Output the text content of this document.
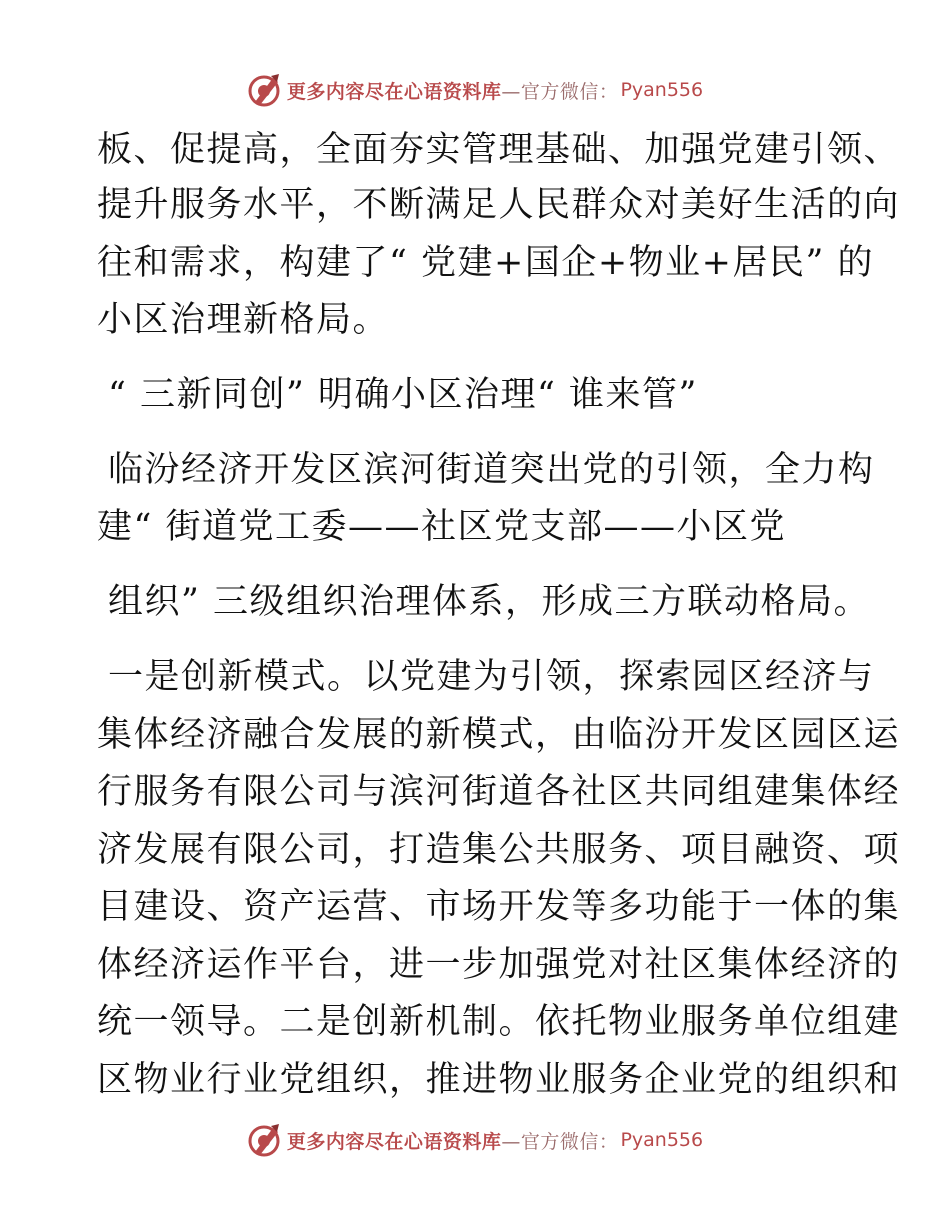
更多内容尽在心语资料库 —官方微信： Pyan556
板、促提高，全面夯实管理基础、加强党建引领、
提升服务水平，不断满足人民群众对美好生活的向
往和需求，构建了“ 党建+国企+物业+居民” 的
小区治理新格局。
“ 三新同创” 明确小区治理“ 谁来管”
临汾经济开发区滨河街道突出党的引领，全力构
建“ 街道党工委——社区党支部——小区党
组织” 三级组织治理体系，形成三方联动格局。
一是创新模式。以党建为引领，探索园区经济与
集体经济融合发展的新模式，由临汾开发区园区运
行服务有限公司与滨河街道各社区共同组建集体经
济发展有限公司，打造集公共服务、项目融资、项
目建设、资产运营、市场开发等多功能于一体的集
体经济运作平台，进一步加强党对社区集体经济的
统一领导。二是创新机制。依托物业服务单位组建
区物业行业党组织，推进物业服务企业党的组织和
更多内容尽在心语资料库 —官方微信： Pyan556
